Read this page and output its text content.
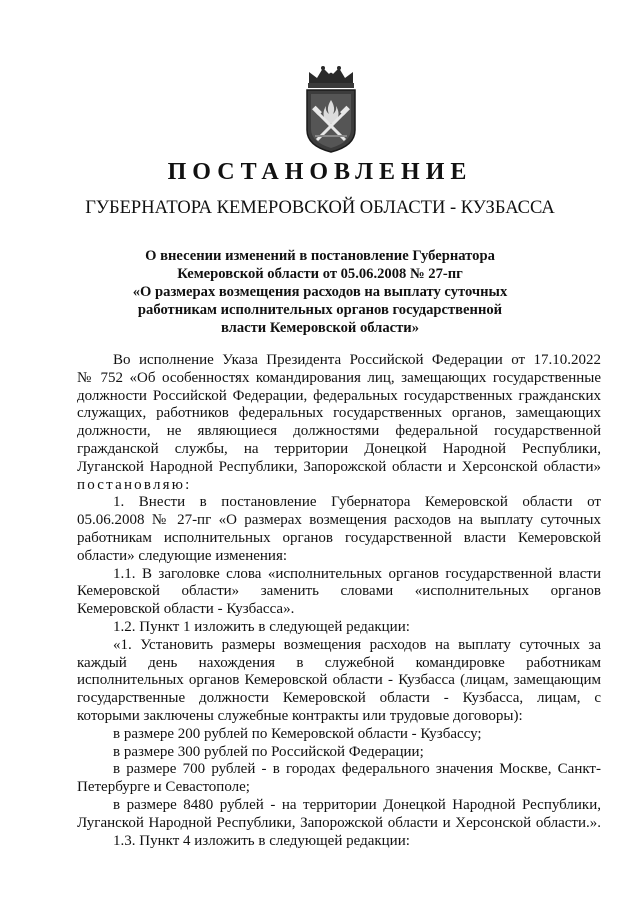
ПОСТАНОВЛЕНИЕ
ГУБЕРНАТОРА КЕМЕРОВСКОЙ ОБЛАСТИ - КУЗБАССА
О внесении изменений в постановление Губернатора
Кемеровской области от 05.06.2008 № 27-пг
«О размерах возмещения расходов на выплату суточных
работникам исполнительных органов государственной
власти Кемеровской области»
Во исполнение Указа Президента Российской Федерации от 17.10.2022
№ 752 «Об особенностях командирования лиц, замещающих государственные
должности Российской Федерации, федеральных государственных гражданских
служащих, работников федеральных государственных органов, замещающих
должности, не являющиеся должностями федеральной государственной
гражданской службы, на территории Донецкой Народной Республики,
Луганской Народной Республики, Запорожской области и Херсонской области»
постановляю:
1. Внести в постановление Губернатора Кемеровской области от
05.06.2008 № 27-пг «О размерах возмещения расходов на выплату суточных
работникам исполнительных органов государственной власти Кемеровской
области» следующие изменения:
1.1. В заголовке слова «исполнительных органов государственной власти
Кемеровской области» заменить словами «исполнительных органов
Кемеровской области - Кузбасса».
1.2. Пункт 1 изложить в следующей редакции:
«1. Установить размеры возмещения расходов на выплату суточных за
каждый день нахождения в служебной командировке работникам
исполнительных органов Кемеровской области - Кузбасса (лицам, замещающим
государственные должности Кемеровской области - Кузбасса, лицам, с
которыми заключены служебные контракты или трудовые договоры):
в размере 200 рублей по Кемеровской области - Кузбассу;
в размере 300 рублей по Российской Федерации;
в размере 700 рублей - в городах федерального значения Москве, Санкт-
Петербурге и Севастополе;
в размере 8480 рублей - на территории Донецкой Народной Республики,
Луганской Народной Республики, Запорожской области и Херсонской области.».
1.3. Пункт 4 изложить в следующей редакции:
